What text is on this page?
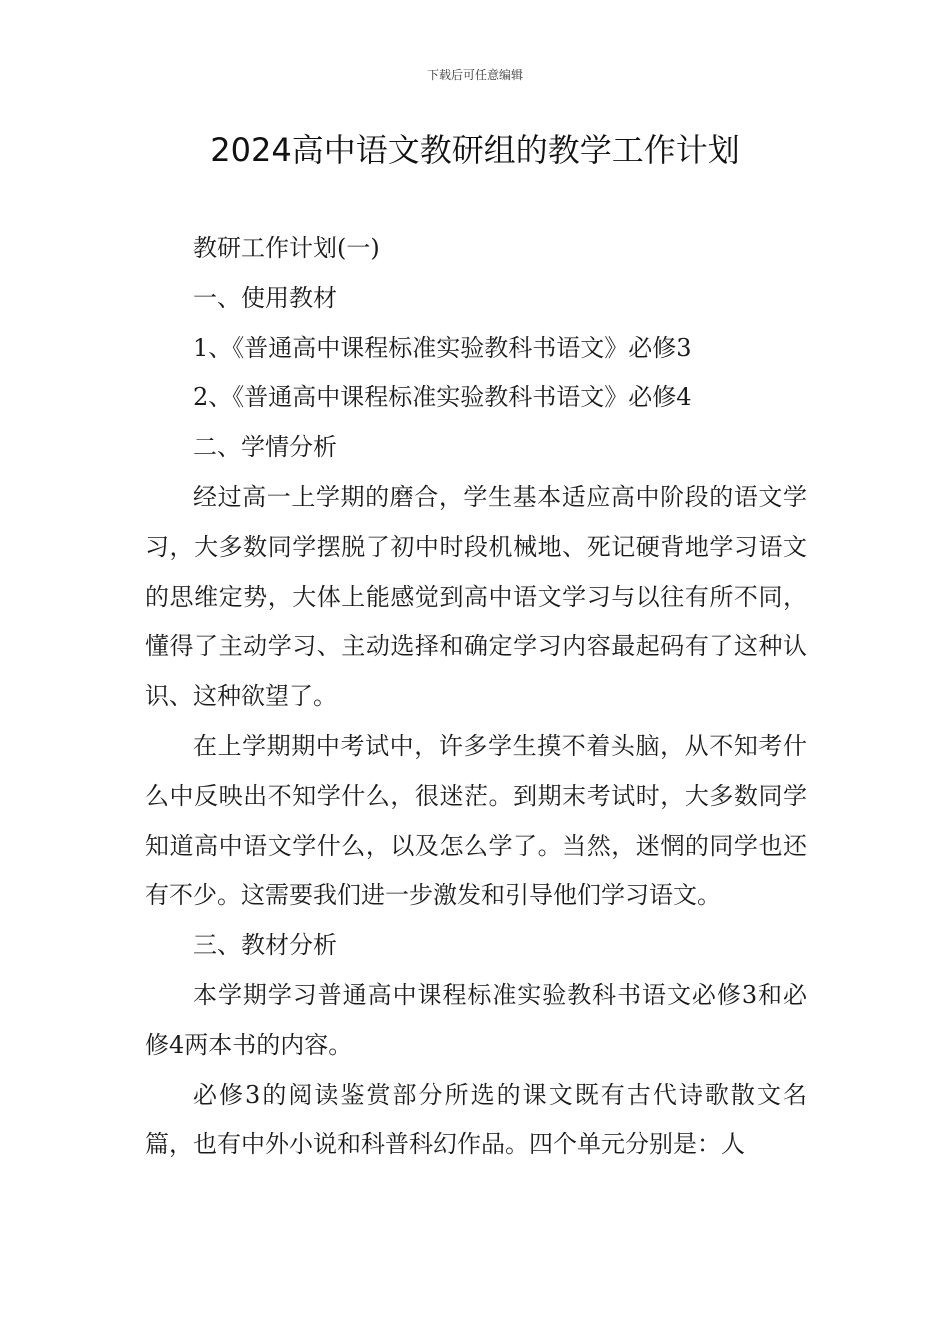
下载后可任意编辑
2024高中语文教研组的教学工作计划

教研工作计划(一)

一、使用教材

1、《普通高中课程标准实验教科书语文》必修3

2、《普通高中课程标准实验教科书语文》必修4

二、学情分析

经过高一上学期的磨合，学生基本适应高中阶段的语文学习，大多数同学摆脱了初中时段机械地、死记硬背地学习语文的思维定势，大体上能感觉到高中语文学习与以往有所不同，懂得了主动学习、主动选择和确定学习内容最起码有了这种认识、这种欲望了。

在上学期期中考试中，许多学生摸不着头脑，从不知考什么中反映出不知学什么，很迷茫。到期末考试时，大多数同学知道高中语文学什么，以及怎么学了。当然，迷惘的同学也还有不少。这需要我们进一步激发和引导他们学习语文。

三、教材分析

本学期学习普通高中课程标准实验教科书语文必修3和必修4两本书的内容。

必修3的阅读鉴赏部分所选的课文既有古代诗歌散文名篇，也有中外小说和科普科幻作品。四个单元分别是：人
